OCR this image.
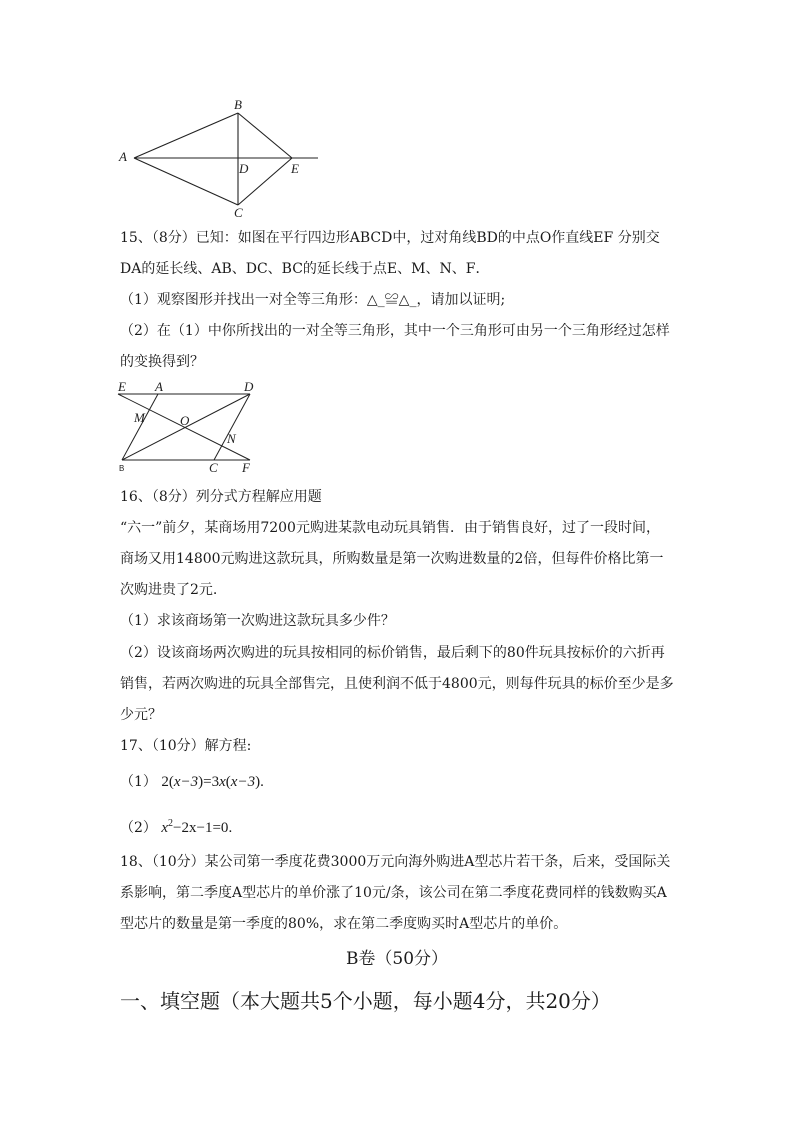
B
A
D	E
C
15、（8分）已知：如图在平行四边形ABCD中，过对角线BD的中点O作直线EF 分别交
DA的延长线、AB、DC、BC的延长线于点E、M、N、F．
（1）观察图形并找出一对全等三角形：△_≌△_，请加以证明;
（2）在（1）中你所找出的一对全等三角形，其中一个三角形可由另一个三角形经过怎样
的变换得到？
E A	D
M	O
N
B	C F
16、（8分）列分式方程解应用题
“六一”前夕，某商场用7200元购进某款电动玩具销售．由于销售良好，过了一段时间，
商场又用14800元购进这款玩具，所购数量是第一次购进数量的2倍，但每件价格比第一
次购进贵了2元.
（1）求该商场第一次购进这款玩具多少件？
（2）设该商场两次购进的玩具按相同的标价销售，最后剩下的80件玩具按标价的六折再
销售，若两次购进的玩具全部售完，且使利润不低于4800元，则每件玩具的标价至少是多
少元？
17、（10分）解方程:
（1） 2(x−3)=3x(x−3).
（2） $x^2-2x-1=0$.
18、（10分）某公司第一季度花费3000万元向海外购进A型芯片若干条，后来，受国际关
系影响，第二季度A型芯片的单价涨了10元/条，该公司在第二季度花费同样的钱数购买A
型芯片的数量是第一季度的80%，求在第二季度购买时A型芯片的单价。
B卷（50分）
一、填空题（本大题共5个小题，每小题4分，共20分）
